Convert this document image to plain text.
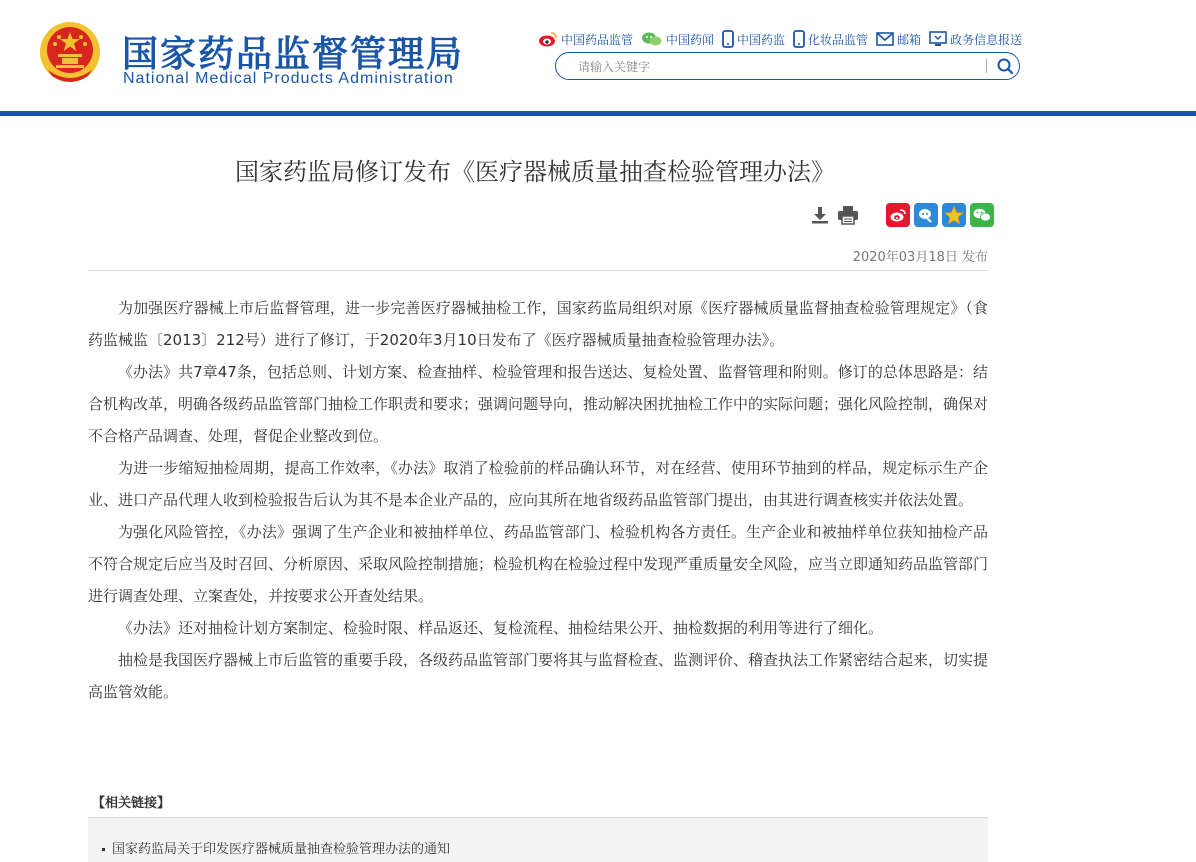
国家药品监督管理局
National Medical Products Administration
中国药品监管	中国药闻 中国药监 化妆品监管 邮箱 政务信息报送
请输入关键字
国家药监局修订发布《医疗器械质量抽查检验管理办法》
2020年03月18日 发布

为加强医疗器械上市后监督管理，进一步完善医疗器械抽检工作，国家药监局组织对原《医疗器械质量监督抽查检验管理规定》（食药监械监〔2013〕212号）进行了修订，于2020年3月10日发布了《医疗器械质量抽查检验管理办法》。

《办法》共7章47条，包括总则、计划方案、检查抽样、检验管理和报告送达、复检处置、监督管理和附则。修订的总体思路是：结合机构改革，明确各级药品监管部门抽检工作职责和要求；强调问题导向，推动解决困扰抽检工作中的实际问题；强化风险控制，确保对不合格产品调查、处理，督促企业整改到位。

为进一步缩短抽检周期，提高工作效率，《办法》取消了检验前的样品确认环节，对在经营、使用环节抽到的样品，规定标示生产企业、进口产品代理人收到检验报告后认为其不是本企业产品的，应向其所在地省级药品监管部门提出，由其进行调查核实并依法处置。

为强化风险管控，《办法》强调了生产企业和被抽样单位、药品监管部门、检验机构各方责任。生产企业和被抽样单位获知抽检产品不符合规定后应当及时召回、分析原因、采取风险控制措施；检验机构在检验过程中发现严重质量安全风险，应当立即通知药品监管部门进行调查处理、立案查处，并按要求公开查处结果。

《办法》还对抽检计划方案制定、检验时限、样品返还、复检流程、抽检结果公开、抽检数据的利用等进行了细化。

抽检是我国医疗器械上市后监管的重要手段，各级药品监管部门要将其与监督检查、监测评价、稽查执法工作紧密结合起来，切实提高监管效能。

【相关链接】
国家药监局关于印发医疗器械质量抽查检验管理办法的通知
